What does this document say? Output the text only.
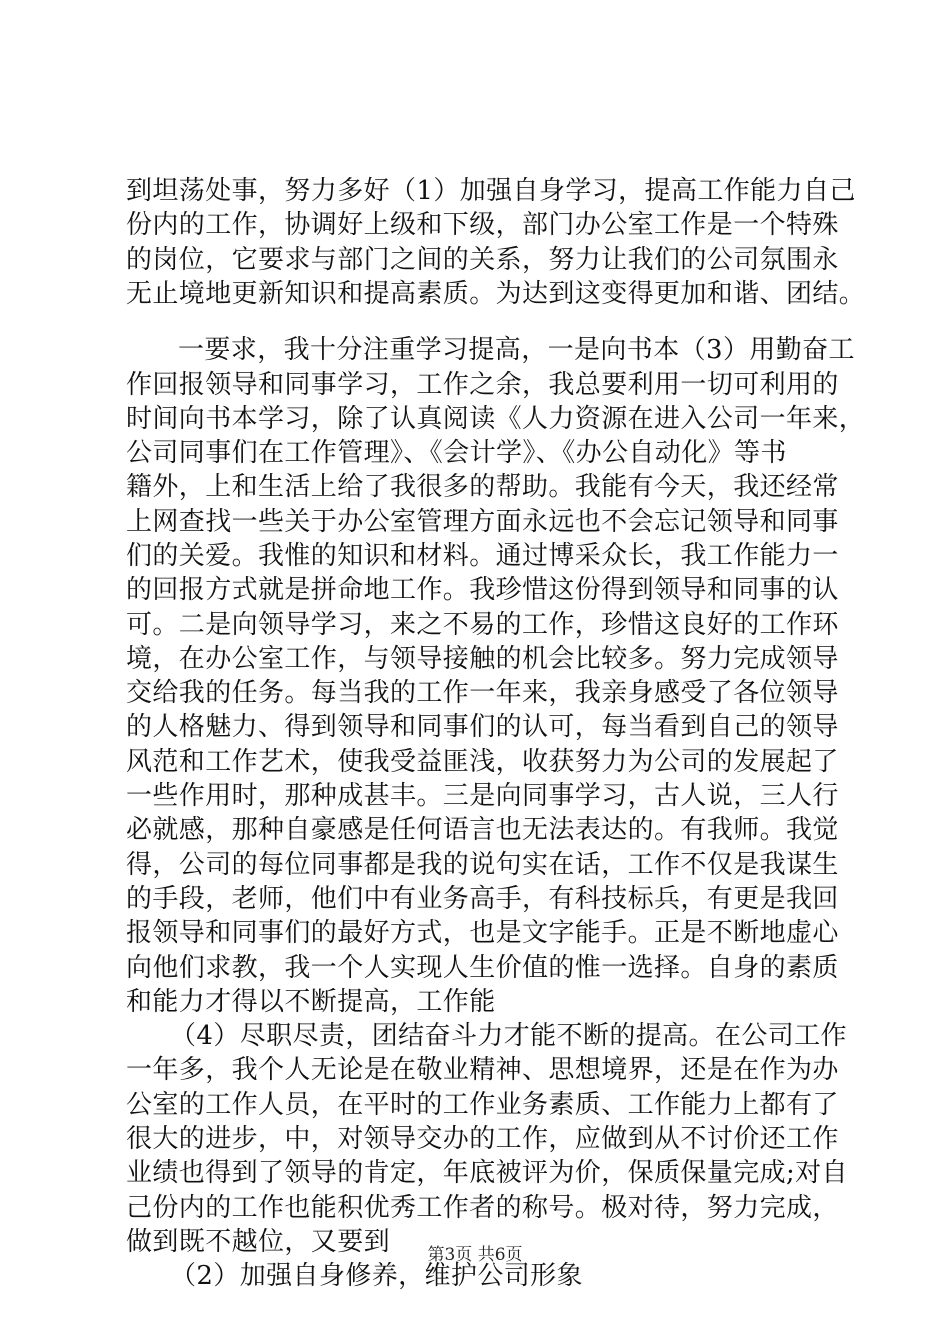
到坦荡处事，努力多好（1）加强自身学习，提高工作能力自己
份内的工作，协调好上级和下级，部门办公室工作是一个特殊
的岗位，它要求与部门之间的关系，努力让我们的公司氛围永
无止境地更新知识和提高素质。为达到这变得更加和谐、团结。
一要求，我十分注重学习提高，一是向书本（3）用勤奋工
作回报领导和同事学习，工作之余，我总要利用一切可利用的
时间向书本学习，除了认真阅读《人力资源在进入公司一年来，
公司同事们在工作管理》、《会计学》、《办公自动化》等书
籍外，上和生活上给了我很多的帮助。我能有今天，我还经常
上网查找一些关于办公室管理方面永远也不会忘记领导和同事
们的关爱。我惟的知识和材料。通过博采众长，我工作能力一
的回报方式就是拼命地工作。我珍惜这份得到领导和同事的认
可。二是向领导学习，来之不易的工作，珍惜这良好的工作环
境，在办公室工作，与领导接触的机会比较多。努力完成领导
交给我的任务。每当我的工作一年来，我亲身感受了各位领导
的人格魅力、得到领导和同事们的认可，每当看到自己的领导
风范和工作艺术，使我受益匪浅，收获努力为公司的发展起了
一些作用时，那种成甚丰。三是向同事学习，古人说，三人行
必就感，那种自豪感是任何语言也无法表达的。有我师。我觉
得，公司的每位同事都是我的说句实在话，工作不仅是我谋生
的手段，老师，他们中有业务高手，有科技标兵，有更是我回
报领导和同事们的最好方式，也是文字能手。正是不断地虚心
向他们求教，我一个人实现人生价值的惟一选择。自身的素质
和能力才得以不断提高，工作能
（4）尽职尽责，团结奋斗力才能不断的提高。在公司工作
一年多，我个人无论是在敬业精神、思想境界，还是在作为办
公室的工作人员，在平时的工作业务素质、工作能力上都有了
很大的进步，中，对领导交办的工作，应做到从不讨价还工作
业绩也得到了领导的肯定，年底被评为价，保质保量完成;对自
己份内的工作也能积优秀工作者的称号。极对待，努力完成，
做到既不越位，又要到
（2）加强自身修养，维护公司形象
第3页 共6页
